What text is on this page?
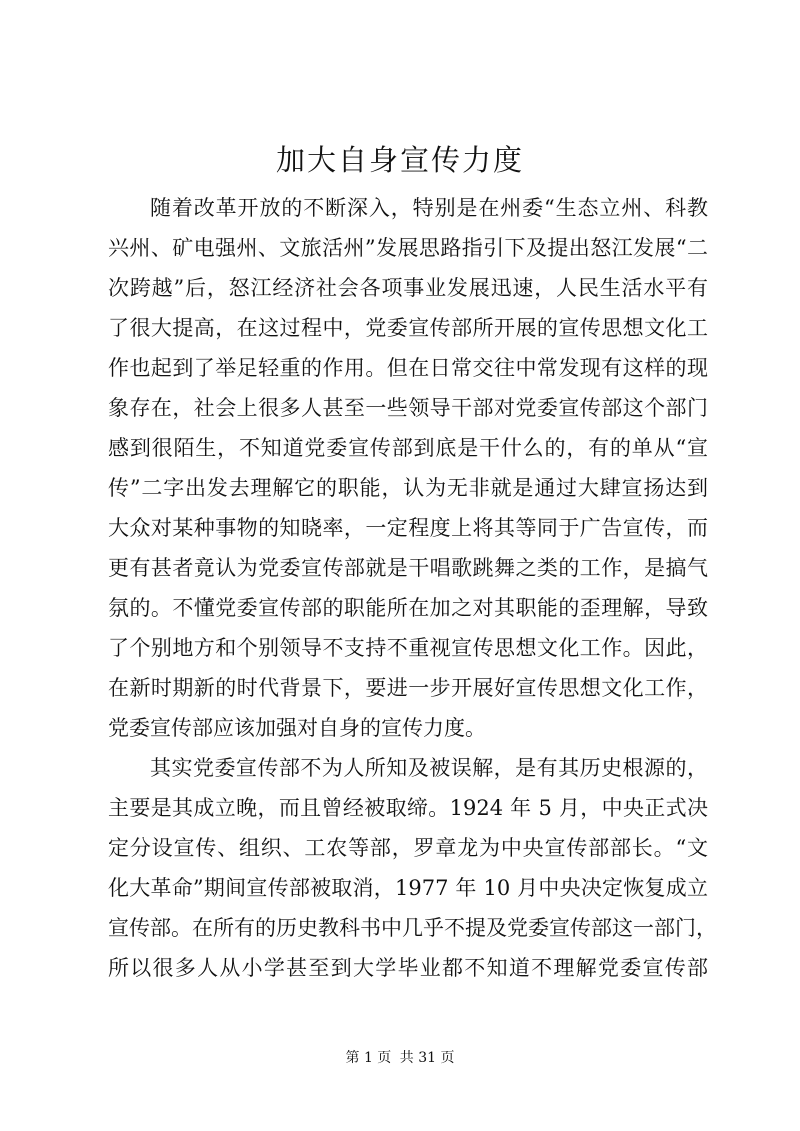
加大自身宣传力度

随着改革开放的不断深入，特别是在州委“生态立州、科教

兴州、矿电强州、文旅活州”发展思路指引下及提出怒江发展“二

次跨越”后，怒江经济社会各项事业发展迅速，人民生活水平有

了很大提高，在这过程中，党委宣传部所开展的宣传思想文化工

作也起到了举足轻重的作用。但在日常交往中常发现有这样的现

象存在，社会上很多人甚至一些领导干部对党委宣传部这个部门

感到很陌生，不知道党委宣传部到底是干什么的，有的单从“宣

传”二字出发去理解它的职能，认为无非就是通过大肆宣扬达到

大众对某种事物的知晓率，一定程度上将其等同于广告宣传，而

更有甚者竟认为党委宣传部就是干唱歌跳舞之类的工作，是搞气

氛的。不懂党委宣传部的职能所在加之对其职能的歪理解，导致

了个别地方和个别领导不支持不重视宣传思想文化工作。因此，

在新时期新的时代背景下，要进一步开展好宣传思想文化工作，

党委宣传部应该加强对自身的宣传力度。

其实党委宣传部不为人所知及被误解，是有其历史根源的，

主要是其成立晚，而且曾经被取缔。1924 年 5 月，中央正式决

定分设宣传、组织、工农等部，罗章龙为中央宣传部部长。“文

化大革命”期间宣传部被取消，1977 年 10 月中央决定恢复成立

宣传部。在所有的历史教科书中几乎不提及党委宣传部这一部门，

所以很多人从小学甚至到大学毕业都不知道不理解党委宣传部

第 1 页 共 31 页
